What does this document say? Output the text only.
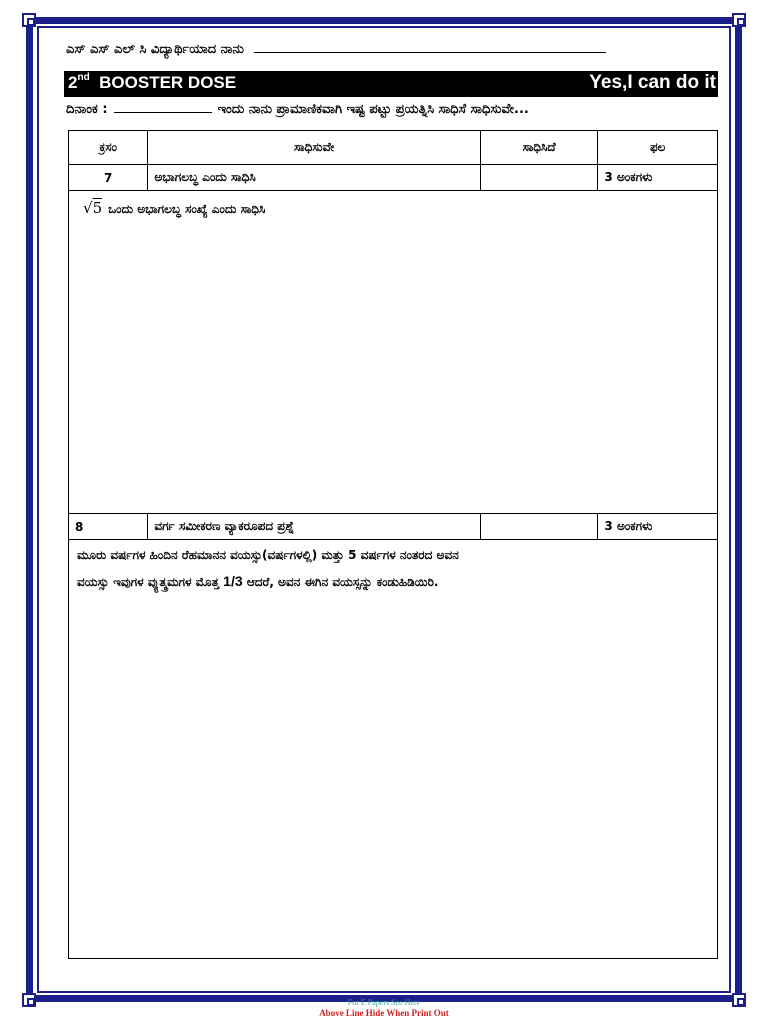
ಎಸ್ ಎಸ್ ಎಲ್ ಸಿ ವಿದ್ಯಾರ್ಥಿಯಾದ ನಾನು
2nd BOOSTER DOSE	Yes,I can do it
ದಿನಾಂಕ :	ಇಂದು ನಾನು ಪ್ರಾಮಾಣಿಕವಾಗಿ ಇಷ್ಟ ಪಟ್ಟು ಪ್ರಯತ್ನಿಸಿ ಸಾಧಿಸೆ ಸಾಧಿಸುವೇ...
ಕ್ರಸಂ	ಸಾಧಿಸುವೇ	ಸಾಧಿಸಿದೆ	ಫಲ
7	ಅಭಾಗಲಬ್ಧ ಎಂದು ಸಾಧಿಸಿ		3 ಅಂಕಗಳು

√5 ಒಂದು ಅಭಾಗಲಬ್ಧ ಸಂಖ್ಯೆ ಎಂದು ಸಾಧಿಸಿ			

8	ವರ್ಗ ಸಮೀಕರಣ ವ್ಯಾಕರೂಪದ ಪ್ರಶ್ನೆ		3 ಅಂಕಗಳು

ಮೂರು ವರ್ಷಗಳ ಹಿಂದಿನ ರೆಹಮಾನನ ವಯಸ್ಸು(ವರ್ಷಗಳಲ್ಲಿ) ಮತ್ತು 5 ವರ್ಷಗಳ ನಂತರದ ಅವನ
ವಯಸ್ಸು ಇವುಗಳ ವ್ಯುತ್ಕ್ರಮಗಳ ಮೊತ್ತ 1/3 ಆದರೆ, ಅವನ ಈಗಿನ ವಯಸ್ಸನ್ನು ಕಂಡುಹಿಡಿಯಿರಿ.			
For E Papers See Here
Above Line Hide When Print Out
